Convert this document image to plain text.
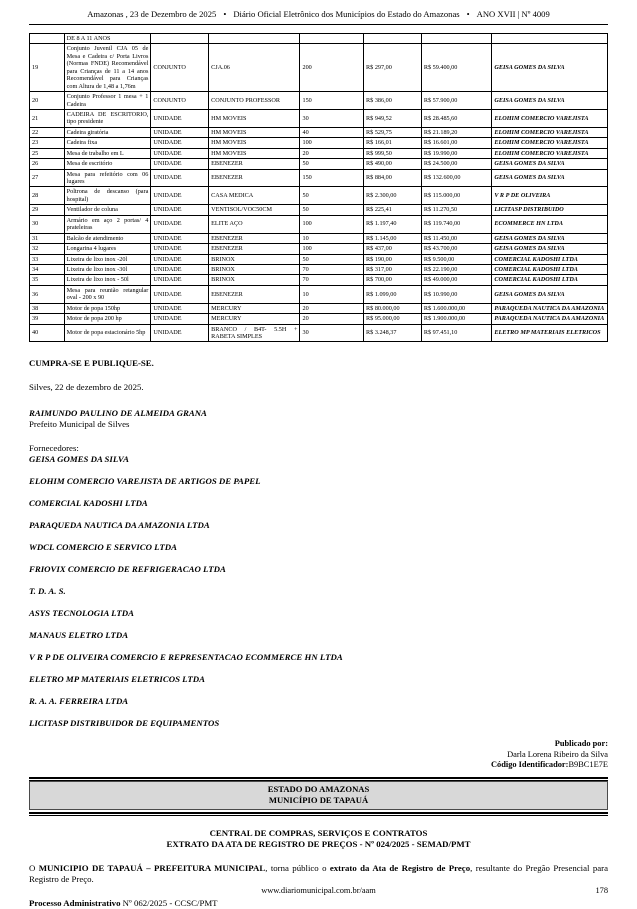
Amazonas , 23 de Dezembro de 2025 • Diário Oficial Eletrônico dos Municípios do Estado do Amazonas • ANO XVII | Nº 4009
	DE 8 A 11 ANOS						
19	Conjunto Juvenil CJA 05 de Mesa e Cadeira c/ Porta Livros (Normas FNDE) Recomendável para Crianças de 11 a 14 anos Recomendável para Crianças com Altura de 1,48 a 1,76m	CONJUNTO	CJA.06	200	R$ 297,00	R$ 59.400,00	GEISA GOMES DA SILVA
20	Conjunto Professor 1 mesa + 1 Cadeira	CONJUNTO	CONJUNTO PROFESSOR	150	R$ 386,00	R$ 57.900,00	GEISA GOMES DA SILVA
21	CADEIRA DE ESCRITORIO, tipo presidente	UNIDADE	HM MOVEIS	30	R$ 949,52	R$ 28.485,60	ELOHIM COMERCIO VAREJISTA
22	Cadeira giratória	UNIDADE	HM MOVEIS	40	R$ 529,75	R$ 21.189,20	ELOHIM COMERCIO VAREJISTA
23	Cadeira fixa	UNIDADE	HM MOVEIS	100	R$ 166,01	R$ 16.601,00	ELOHIM COMERCIO VAREJISTA
25	Mesa de trabalho em L	UNIDADE	HM MOVEIS	20	R$ 999,50	R$ 19.990,00	ELOHIM COMERCIO VAREJISTA
26	Mesa de escritório	UNIDADE	EBENEZER	50	R$ 490,00	R$ 24.500,00	GEISA GOMES DA SILVA
27	Mesa para refeitório com 06 lugares	UNIDADE	EBENEZER	150	R$ 884,00	R$ 132.600,00	GEISA GOMES DA SILVA
28	Poltrona de descanso (para hospital)	UNIDADE	CASA MEDICA	50	R$ 2.300,00	R$ 115.000,00	V R P DE OLIVEIRA
29	Ventilador de coluna	UNIDADE	VENTISOL/VOC50CM	50	R$ 225,41	R$ 11.270,50	LICITASP DISTRIBUIDO
30	Armário em aço 2 portas/ 4 prateleiras	UNIDADE	ELITE AÇO	100	R$ 1.197,40	R$ 119.740,00	ECOMMERCE HN LTDA
31	Balcão de atendimento	UNIDADE	EBENEZER	10	R$ 1.145,00	R$ 11.450,00	GEISA GOMES DA SILVA
32	Longarina 4 lugares	UNIDADE	EBENEZER	100	R$ 437,00	R$ 43.700,00	GEISA GOMES DA SILVA
33	Lixeira de lixo inox -20l	UNIDADE	BRINOX	50	R$ 190,00	R$ 9.500,00	COMERCIAL KADOSHI LTDA
34	Lixeira de lixo inox -30l	UNIDADE	BRINOX	70	R$ 317,00	R$ 22.190,00	COMERCIAL KADOSHI LTDA
35	Lixeira de lixo inox - 50l	UNIDADE	BRINOX	70	R$ 700,00	R$ 49.000,00	COMERCIAL KADOSHI LTDA
36	Mesa para reunião retangular oval - 200 x 90	UNIDADE	EBENEZER	10	R$ 1.099,00	R$ 10.990,00	GEISA GOMES DA SILVA
38	Motor de popa 150hp	UNIDADE	MERCURY	20	R$ 80.000,00	R$ 1.600.000,00	PARAQUEDA NAUTICA DA AMAZONIA
39	Motor de popa 200 hp	UNIDADE	MERCURY	20	R$ 95.000,00	R$ 1.900.000,00	PARAQUEDA NAUTICA DA AMAZONIA
40	Motor de popa estacionário 5hp	UNIDADE	BRANCO / B4T- 5.5H + RABETA SIMPLES	30	R$ 3.248,37	R$ 97.451,10	ELETRO MP MATERIAIS ELETRICOS
CUMPRA-SE E PUBLIQUE-SE.
Silves, 22 de dezembro de 2025.
RAIMUNDO PAULINO DE ALMEIDA GRANA
Prefeito Municipal de Silves
Fornecedores:
GEISA GOMES DA SILVA
ELOHIM COMERCIO VAREJISTA DE ARTIGOS DE PAPEL
COMERCIAL KADOSHI LTDA
PARAQUEDA NAUTICA DA AMAZONIA LTDA
WDCL COMERCIO E SERVICO LTDA
FRIOVIX COMERCIO DE REFRIGERACAO LTDA
T. D. A. S.
ASYS TECNOLOGIA LTDA
MANAUS ELETRO LTDA
V R P DE OLIVEIRA COMERCIO E REPRESENTACAO ECOMMERCE HN LTDA
ELETRO MP MATERIAIS ELETRICOS LTDA
R. A. A. FERREIRA LTDA
LICITASP DISTRIBUIDOR DE EQUIPAMENTOS
Publicado por:
Darla Lorena Ribeiro da Silva
Código Identificador:B9BC1E7E
ESTADO DO AMAZONAS
MUNICÍPIO DE TAPAUÁ
CENTRAL DE COMPRAS, SERVIÇOS E CONTRATOS
EXTRATO DA ATA DE REGISTRO DE PREÇOS - Nº 024/2025 - SEMAD/PMT
O MUNICIPIO DE TAPAUÁ – PREFEITURA MUNICIPAL, torna público o extrato da Ata de Registro de Preço, resultante do Pregão Presencial para Registro de Preço.
Processo Administrativo Nº 062/2025 - CCSC/PMT
www.diariomunicipal.com.br/aam	178
